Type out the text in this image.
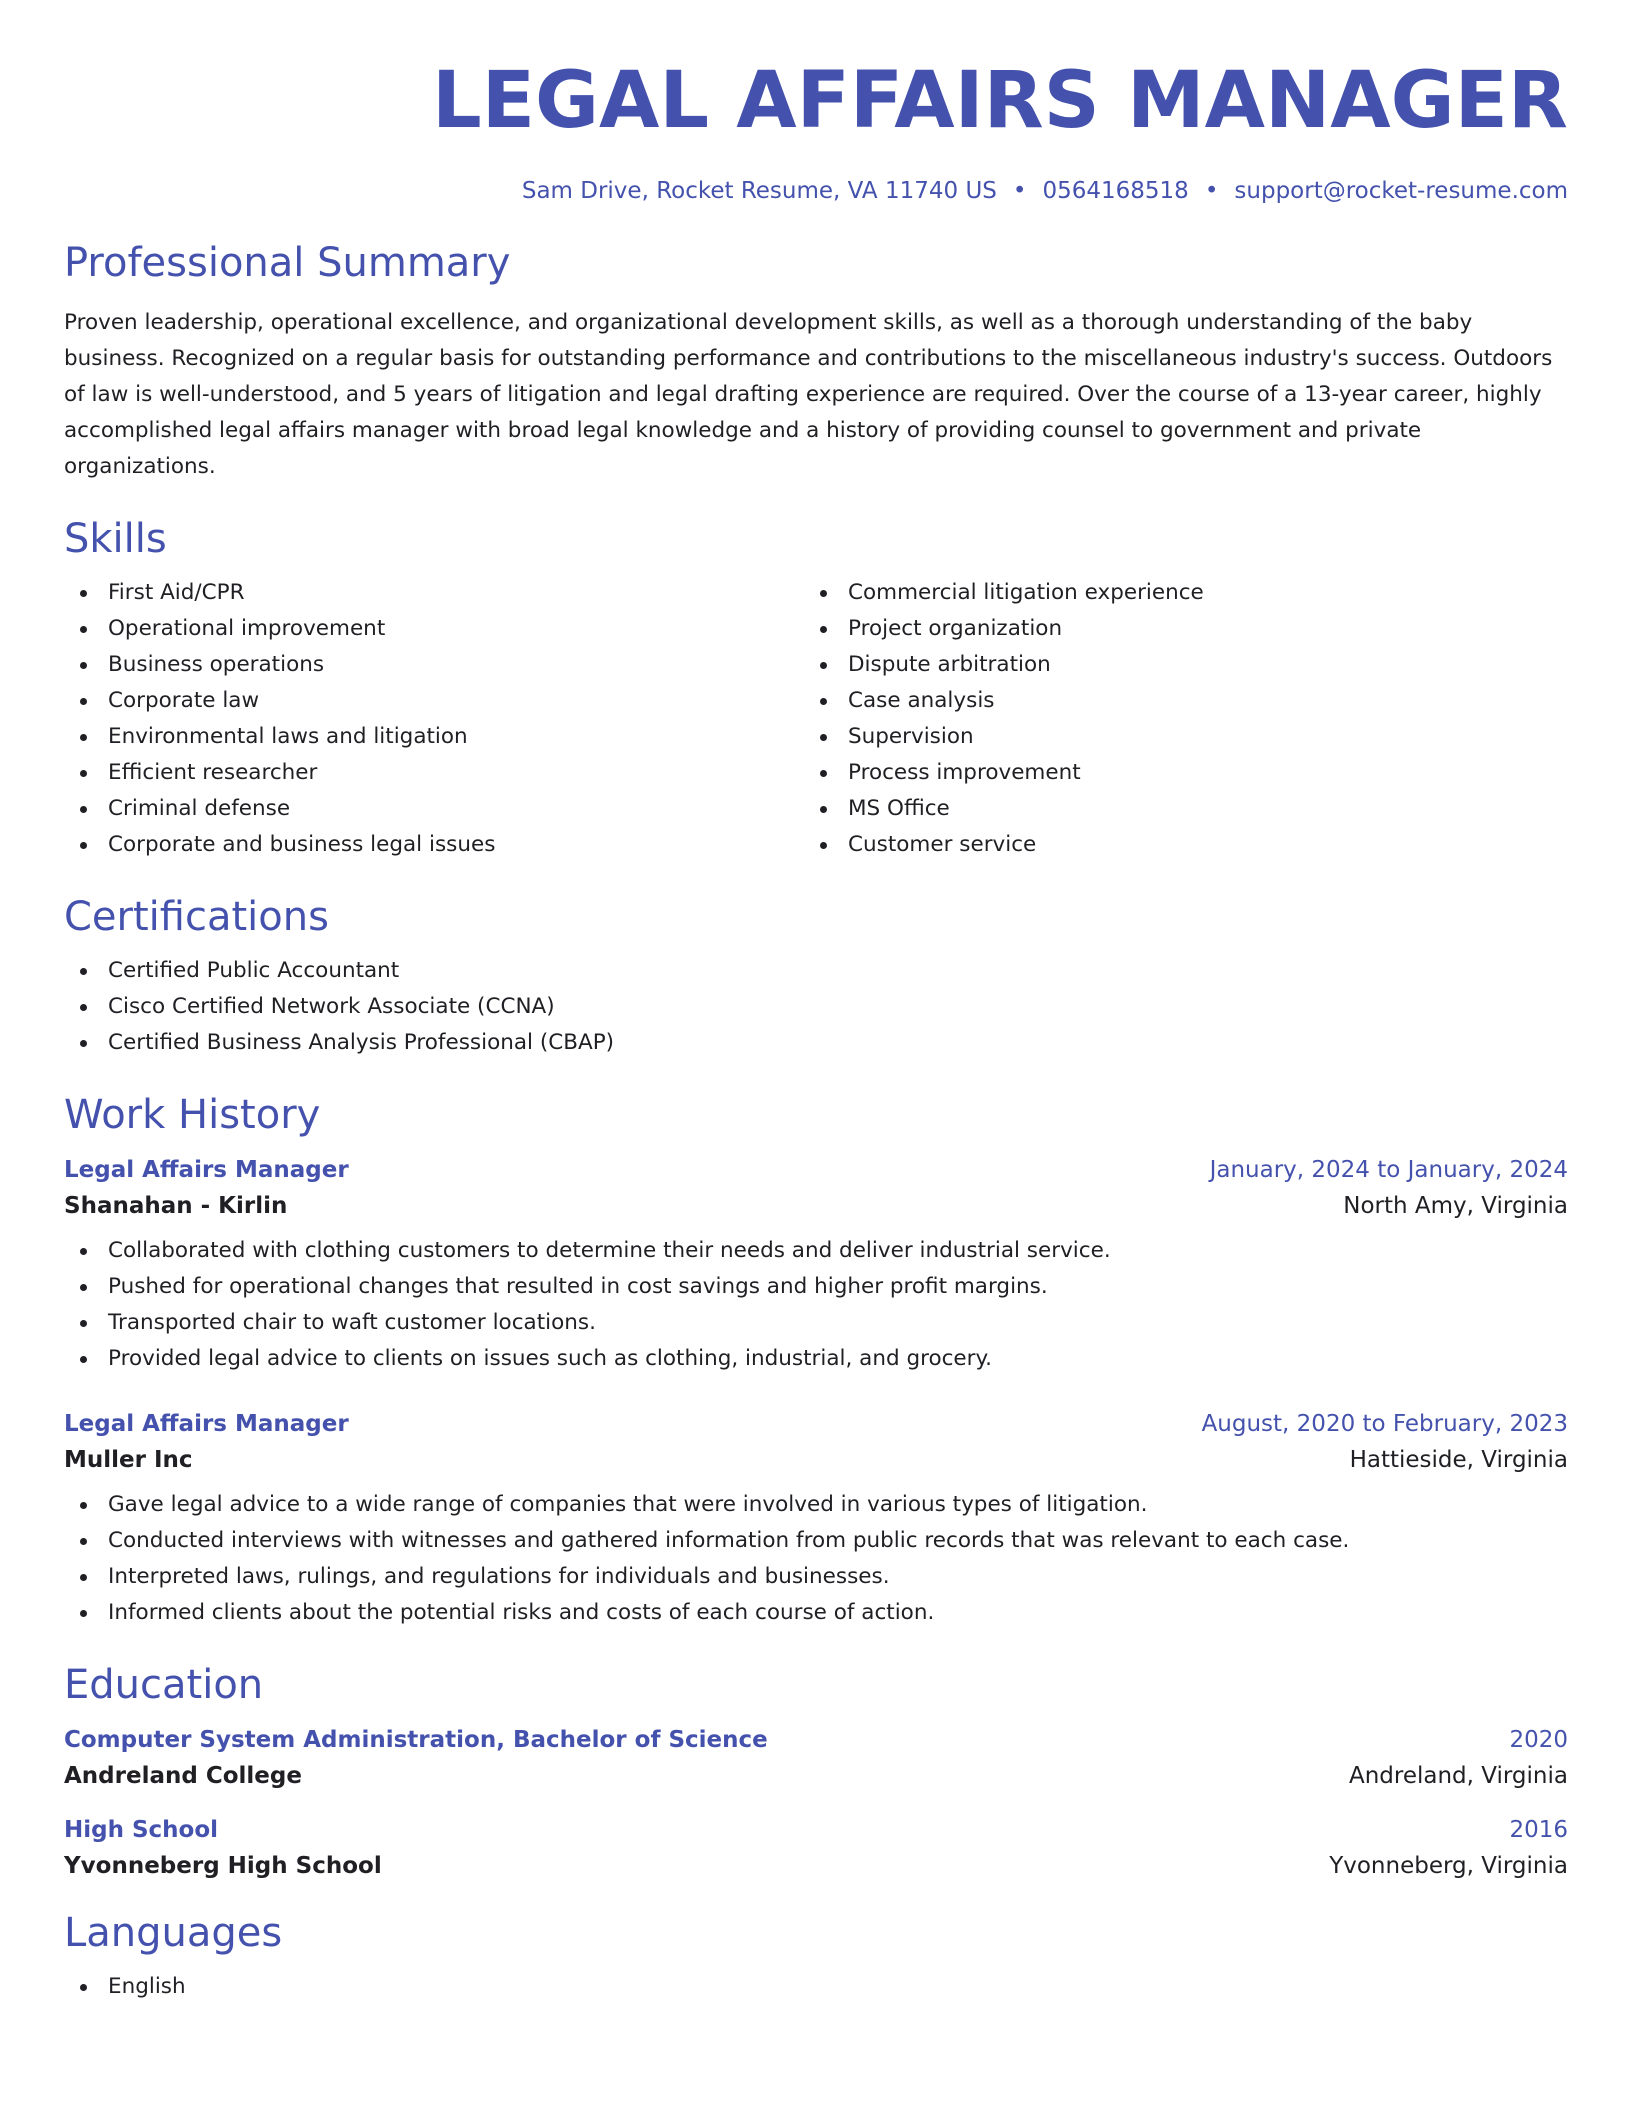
LEGAL AFFAIRS MANAGER
Sam Drive, Rocket Resume, VA 11740 US • 0564168518 • support@rocket-resume.com
Professional Summary
Proven leadership, operational excellence, and organizational development skills, as well as a thorough understanding of the baby business. Recognized on a regular basis for outstanding performance and contributions to the miscellaneous industry's success. Outdoors of law is well-understood, and 5 years of litigation and legal drafting experience are required. Over the course of a 13-year career, highly accomplished legal affairs manager with broad legal knowledge and a history of providing counsel to government and private organizations.
Skills
First Aid/CPR
Operational improvement
Business operations
Corporate law
Environmental laws and litigation
Efficient researcher
Criminal defense
Corporate and business legal issues
Commercial litigation experience
Project organization
Dispute arbitration
Case analysis
Supervision
Process improvement
MS Office
Customer service
Certifications
Certified Public Accountant
Cisco Certified Network Associate (CCNA)
Certified Business Analysis Professional (CBAP)
Work History
Legal Affairs Manager	January, 2024 to January, 2024
Shanahan - Kirlin	North Amy, Virginia
Collaborated with clothing customers to determine their needs and deliver industrial service.
Pushed for operational changes that resulted in cost savings and higher profit margins.
Transported chair to waft customer locations.
Provided legal advice to clients on issues such as clothing, industrial, and grocery.
Legal Affairs Manager	August, 2020 to February, 2023
Muller Inc	Hattieside, Virginia
Gave legal advice to a wide range of companies that were involved in various types of litigation.
Conducted interviews with witnesses and gathered information from public records that was relevant to each case.
Interpreted laws, rulings, and regulations for individuals and businesses.
Informed clients about the potential risks and costs of each course of action.
Education
Computer System Administration, Bachelor of Science	2020
Andreland College	Andreland, Virginia
High School	2016
Yvonneberg High School	Yvonneberg, Virginia
Languages
English
